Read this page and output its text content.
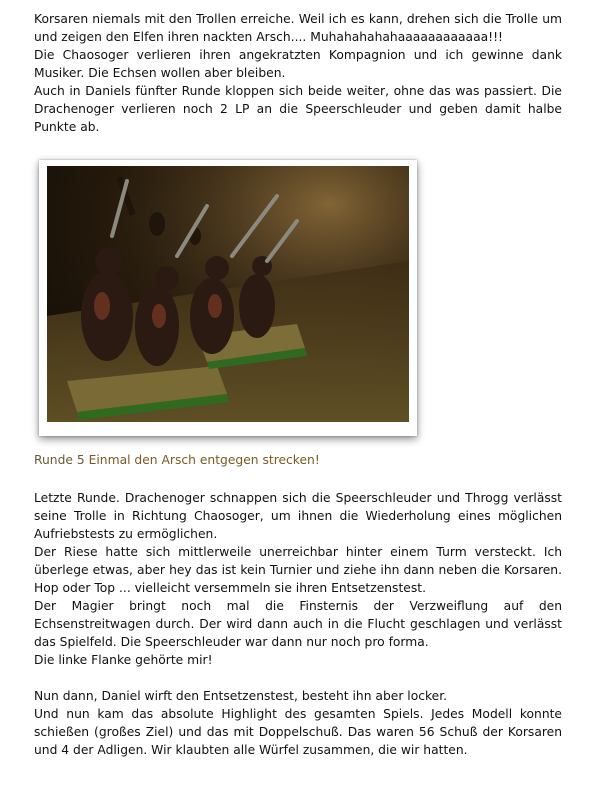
Korsaren niemals mit den Trollen erreiche. Weil ich es kann, drehen sich die Trolle um und zeigen den Elfen ihren nackten Arsch.... Muhahahahahaaaaaaaaaaaa!!!

Die Chaosoger verlieren ihren angekratzten Kompagnion und ich gewinne dank Musiker. Die Echsen wollen aber bleiben.

Auch in Daniels fünfter Runde kloppen sich beide weiter, ohne das was passiert. Die Drachenoger verlieren noch 2 LP an die Speerschleuder und geben damit halbe Punkte ab.

Runde 5 Einmal den Arsch entgegen strecken!

Letzte Runde. Drachenoger schnappen sich die Speerschleuder und Throgg verlässt seine Trolle in Richtung Chaosoger, um ihnen die Wiederholung eines möglichen Aufriebstests zu ermöglichen.

Der Riese hatte sich mittlerweile unerreichbar hinter einem Turm versteckt. Ich überlege etwas, aber hey das ist kein Turnier und ziehe ihn dann neben die Korsaren. Hop oder Top ... vielleicht versemmeln sie ihren Entsetzenstest.

Der Magier bringt noch mal die Finsternis der Verzweiflung auf den Echsenstreitwagen durch. Der wird dann auch in die Flucht geschlagen und verlässt das Spielfeld. Die Speerschleuder war dann nur noch pro forma.

Die linke Flanke gehörte mir!

Nun dann, Daniel wirft den Entsetzenstest, besteht ihn aber locker.

Und nun kam das absolute Highlight des gesamten Spiels. Jedes Modell konnte schießen (großes Ziel) und das mit Doppelschuß. Das waren 56 Schuß der Korsaren und 4 der Adligen. Wir klaubten alle Würfel zusammen, die wir hatten.
